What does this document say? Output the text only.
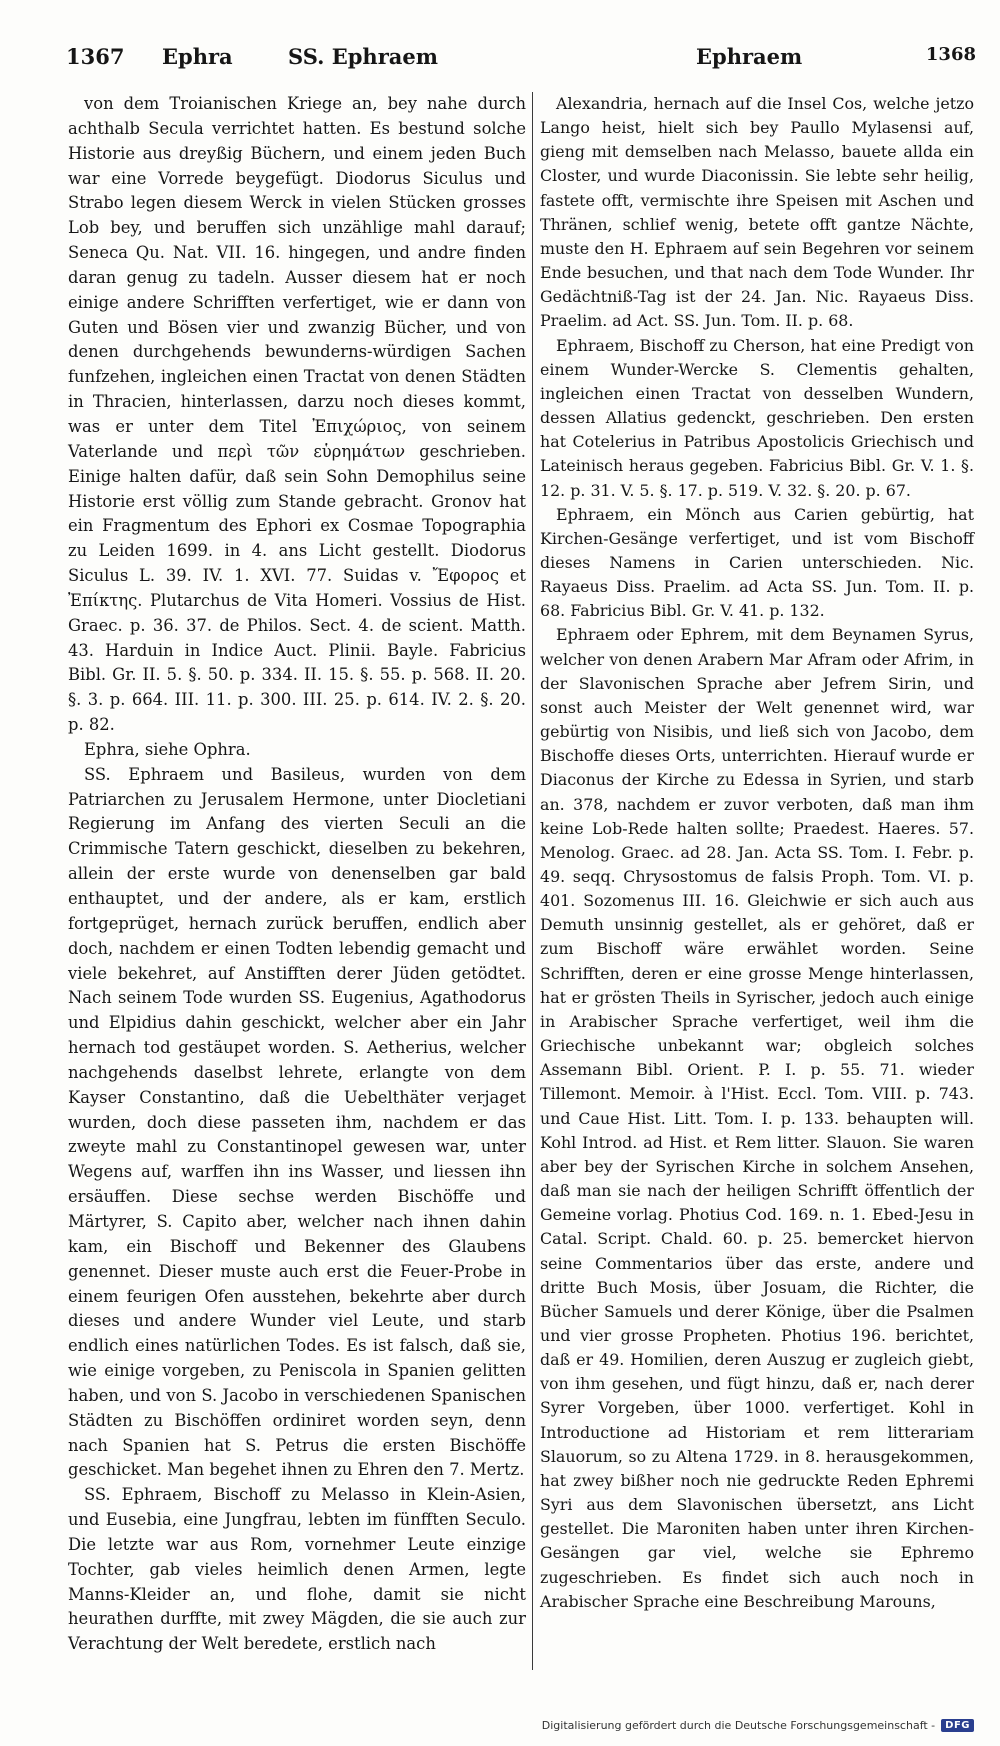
1367 Ephra	SS. Ephraem	Ephraem	1368

von dem Troianischen Kriege an, bey nahe durch achthalb Secula verrichtet hatten. Es bestund solche Historie aus dreyßig Büchern, und einem jeden Buch war eine Vorrede beygefügt. Diodorus Siculus und Strabo legen diesem Werck in vielen Stücken grosses Lob bey, und beruffen sich unzählige mahl darauf; Seneca Qu. Nat. VII. 16. hingegen, und andre finden daran genug zu tadeln. Ausser diesem hat er noch einige andere Schrifften verfertiget, wie er dann von Guten und Bösen vier und zwanzig Bücher, und von denen durchgehends bewunderns-würdigen Sachen funfzehen, ingleichen einen Tractat von denen Städten in Thracien, hinterlassen, darzu noch dieses kommt, was er unter dem Titel Ἐπιχώριος, von seinem Vaterlande und περὶ τῶν εὑρημάτων geschrieben. Einige halten dafür, daß sein Sohn Demophilus seine Historie erst völlig zum Stande gebracht. Gronov hat ein Fragmentum des Ephori ex Cosmae Topographia zu Leiden 1699. in 4. ans Licht gestellt. Diodorus Siculus L. 39. IV. 1. XVI. 77. Suidas v. Ἔφορος et Ἐπίκτης. Plutarchus de Vita Homeri. Vossius de Hist. Graec. p. 36. 37. de Philos. Sect. 4. de scient. Matth. 43. Harduin in Indice Auct. Plinii. Bayle. Fabricius Bibl. Gr. II. 5. §. 50. p. 334. II. 15. §. 55. p. 568. II. 20. §. 3. p. 664. III. 11. p. 300. III. 25. p. 614. IV. 2. §. 20. p. 82.

Ephra, siehe Ophra.

SS. Ephraem und Basileus, wurden von dem Patriarchen zu Jerusalem Hermone, unter Diocletiani Regierung im Anfang des vierten Seculi an die Crimmische Tatern geschickt, dieselben zu bekehren, allein der erste wurde von denenselben gar bald enthauptet, und der andere, als er kam, erstlich fortgeprüget, hernach zurück beruffen, endlich aber doch, nachdem er einen Todten lebendig gemacht und viele bekehret, auf Anstifften derer Jüden getödtet. Nach seinem Tode wurden SS. Eugenius, Agathodorus und Elpidius dahin geschickt, welcher aber ein Jahr hernach tod gestäupet worden. S. Aetherius, welcher nachgehends daselbst lehrete, erlangte von dem Kayser Constantino, daß die Uebelthäter verjaget wurden, doch diese passeten ihm, nachdem er das zweyte mahl zu Constantinopel gewesen war, unter Wegens auf, warffen ihn ins Wasser, und liessen ihn ersäuffen. Diese sechse werden Bischöffe und Märtyrer, S. Capito aber, welcher nach ihnen dahin kam, ein Bischoff und Bekenner des Glaubens genennet. Dieser muste auch erst die Feuer-Probe in einem feurigen Ofen ausstehen, bekehrte aber durch dieses und andere Wunder viel Leute, und starb endlich eines natürlichen Todes. Es ist falsch, daß sie, wie einige vorgeben, zu Peniscola in Spanien gelitten haben, und von S. Jacobo in verschiedenen Spanischen Städten zu Bischöffen ordiniret worden seyn, denn nach Spanien hat S. Petrus die ersten Bischöffe geschicket. Man begehet ihnen zu Ehren den 7. Mertz.

SS. Ephraem, Bischoff zu Melasso in Klein-Asien, und Eusebia, eine Jungfrau, lebten im fünfften Seculo. Die letzte war aus Rom, vornehmer Leute einzige Tochter, gab vieles heimlich denen Armen, legte Manns-Kleider an, und flohe, damit sie nicht heurathen durffte, mit zwey Mägden, die sie auch zur Verachtung der Welt beredete, erstlich nach

Alexandria, hernach auf die Insel Cos, welche jetzo Lango heist, hielt sich bey Paullo Mylasensi auf, gieng mit demselben nach Melasso, bauete allda ein Closter, und wurde Diaconissin. Sie lebte sehr heilig, fastete offt, vermischte ihre Speisen mit Aschen und Thränen, schlief wenig, betete offt gantze Nächte, muste den H. Ephraem auf sein Begehren vor seinem Ende besuchen, und that nach dem Tode Wunder. Ihr Gedächtniß-Tag ist der 24. Jan. Nic. Rayaeus Diss. Praelim. ad Act. SS. Jun. Tom. II. p. 68.

Ephraem, Bischoff zu Cherson, hat eine Predigt von einem Wunder-Wercke S. Clementis gehalten, ingleichen einen Tractat von desselben Wundern, dessen Allatius gedenckt, geschrieben. Den ersten hat Cotelerius in Patribus Apostolicis Griechisch und Lateinisch heraus gegeben. Fabricius Bibl. Gr. V. 1. §. 12. p. 31. V. 5. §. 17. p. 519. V. 32. §. 20. p. 67.

Ephraem, ein Mönch aus Carien gebürtig, hat Kirchen-Gesänge verfertiget, und ist vom Bischoff dieses Namens in Carien unterschieden. Nic. Rayaeus Diss. Praelim. ad Acta SS. Jun. Tom. II. p. 68. Fabricius Bibl. Gr. V. 41. p. 132.

Ephraem oder Ephrem, mit dem Beynamen Syrus, welcher von denen Arabern Mar Afram oder Afrim, in der Slavonischen Sprache aber Jefrem Sirin, und sonst auch Meister der Welt genennet wird, war gebürtig von Nisibis, und ließ sich von Jacobo, dem Bischoffe dieses Orts, unterrichten. Hierauf wurde er Diaconus der Kirche zu Edessa in Syrien, und starb an. 378, nachdem er zuvor verboten, daß man ihm keine Lob-Rede halten sollte; Praedest. Haeres. 57. Menolog. Graec. ad 28. Jan. Acta SS. Tom. I. Febr. p. 49. seqq. Chrysostomus de falsis Proph. Tom. VI. p. 401. Sozomenus III. 16. Gleichwie er sich auch aus Demuth unsinnig gestellet, als er gehöret, daß er zum Bischoff wäre erwählet worden. Seine Schrifften, deren er eine grosse Menge hinterlassen, hat er grösten Theils in Syrischer, jedoch auch einige in Arabischer Sprache verfertiget, weil ihm die Griechische unbekannt war; obgleich solches Assemann Bibl. Orient. P. I. p. 55. 71. wieder Tillemont. Memoir. à l'Hist. Eccl. Tom. VIII. p. 743. und Caue Hist. Litt. Tom. I. p. 133. behaupten will. Kohl Introd. ad Hist. et Rem litter. Slauon. Sie waren aber bey der Syrischen Kirche in solchem Ansehen, daß man sie nach der heiligen Schrifft öffentlich der Gemeine vorlag. Photius Cod. 169. n. 1. Ebed-Jesu in Catal. Script. Chald. 60. p. 25. bemercket hiervon seine Commentarios über das erste, andere und dritte Buch Mosis, über Josuam, die Richter, die Bücher Samuels und derer Könige, über die Psalmen und vier grosse Propheten. Photius 196. berichtet, daß er 49. Homilien, deren Auszug er zugleich giebt, von ihm gesehen, und fügt hinzu, daß er, nach derer Syrer Vorgeben, über 1000. verfertiget. Kohl in Introductione ad Historiam et rem litterariam Slauorum, so zu Altena 1729. in 8. herausgekommen, hat zwey bißher noch nie gedruckte Reden Ephremi Syri aus dem Slavonischen übersetzt, ans Licht gestellet. Die Maroniten haben unter ihren Kirchen-Gesängen gar viel, welche sie Ephremo zugeschrieben. Es findet sich auch noch in Arabischer Sprache eine Beschreibung Marouns,

Digitalisierung gefördert durch die Deutsche Forschungsgemeinschaft -	DFG
